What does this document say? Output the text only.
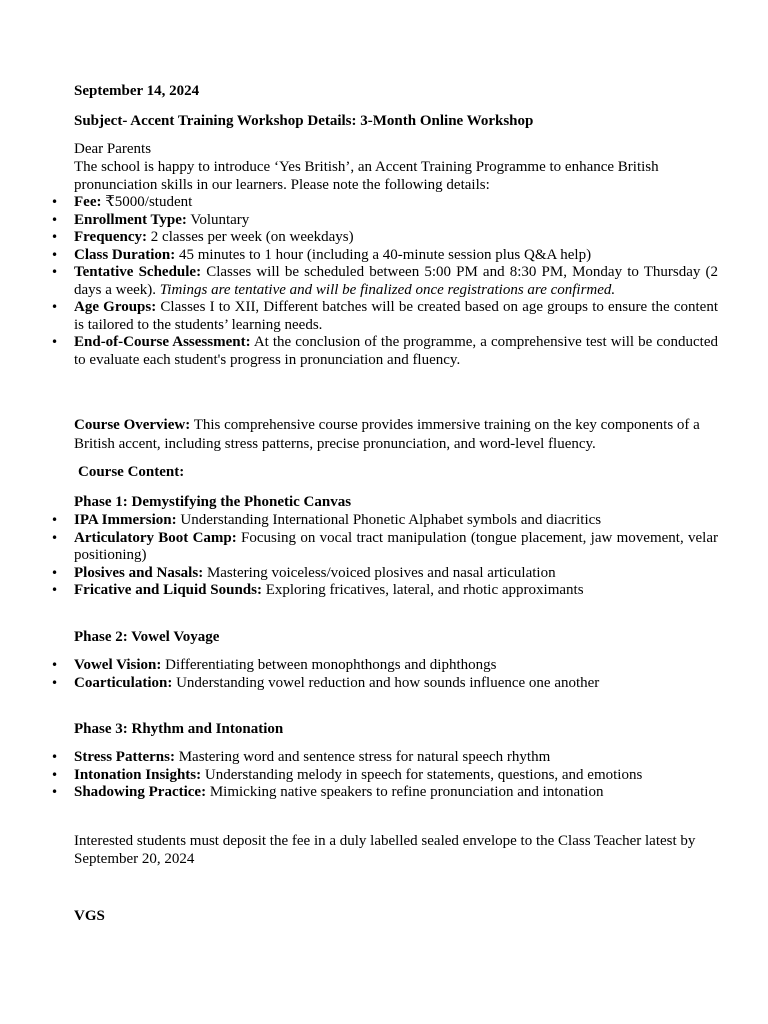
September 14, 2024
Subject- Accent Training Workshop Details: 3-Month Online Workshop
Dear Parents
The school is happy to introduce ‘Yes British’, an Accent Training Programme to enhance British pronunciation skills in our learners. Please note the following details:
• Fee: ₹5000/student
• Enrollment Type: Voluntary
• Frequency: 2 classes per week (on weekdays)
• Class Duration: 45 minutes to 1 hour (including a 40-minute session plus Q&A help)
• Tentative Schedule: Classes will be scheduled between 5:00 PM and 8:30 PM, Monday to Thursday (2 days a week). Timings are tentative and will be finalized once registrations are confirmed.
• Age Groups: Classes I to XII, Different batches will be created based on age groups to ensure the content is tailored to the students’ learning needs.
• End-of-Course Assessment: At the conclusion of the programme, a comprehensive test will be conducted to evaluate each student's progress in pronunciation and fluency.
Course Overview: This comprehensive course provides immersive training on the key components of a British accent, including stress patterns, precise pronunciation, and word-level fluency.
Course Content:
Phase 1: Demystifying the Phonetic Canvas
• IPA Immersion: Understanding International Phonetic Alphabet symbols and diacritics
• Articulatory Boot Camp: Focusing on vocal tract manipulation (tongue placement, jaw movement, velar positioning)
• Plosives and Nasals: Mastering voiceless/voiced plosives and nasal articulation
• Fricative and Liquid Sounds: Exploring fricatives, lateral, and rhotic approximants
Phase 2: Vowel Voyage
• Vowel Vision: Differentiating between monophthongs and diphthongs
• Coarticulation: Understanding vowel reduction and how sounds influence one another
Phase 3: Rhythm and Intonation
• Stress Patterns: Mastering word and sentence stress for natural speech rhythm
• Intonation Insights: Understanding melody in speech for statements, questions, and emotions
• Shadowing Practice: Mimicking native speakers to refine pronunciation and intonation
Interested students must deposit the fee in a duly labelled sealed envelope to the Class Teacher latest by September 20, 2024
VGS
